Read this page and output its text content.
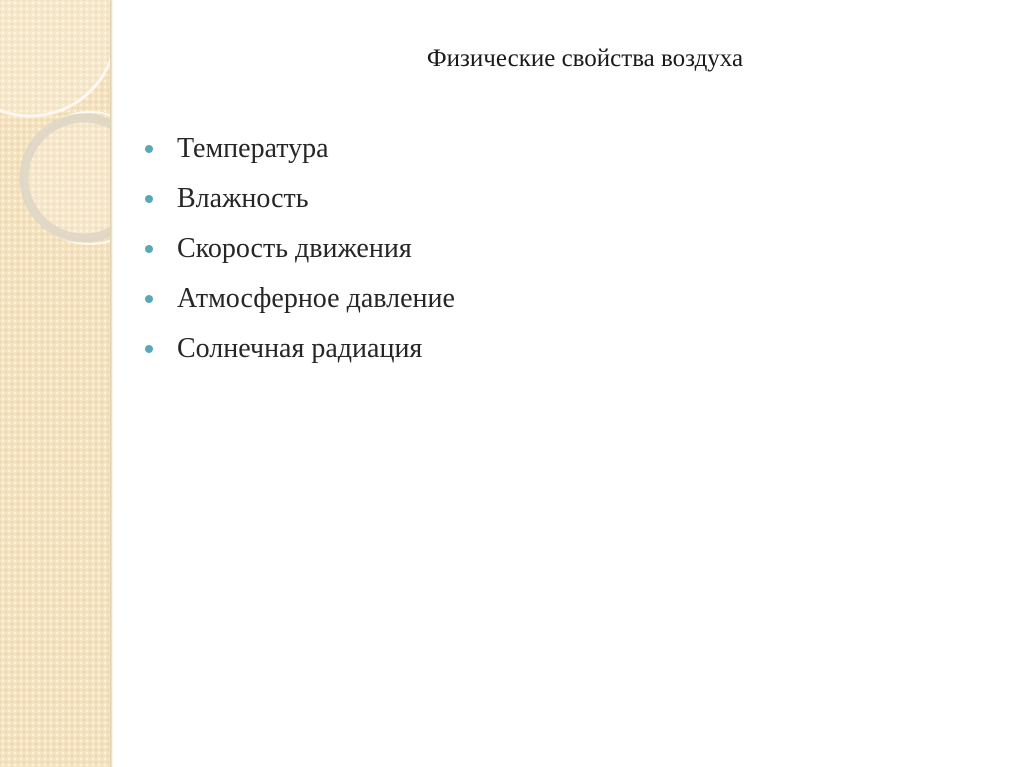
Физические свойства воздуха
Температура
Влажность
Скорость движения
Атмосферное давление
Солнечная радиация
